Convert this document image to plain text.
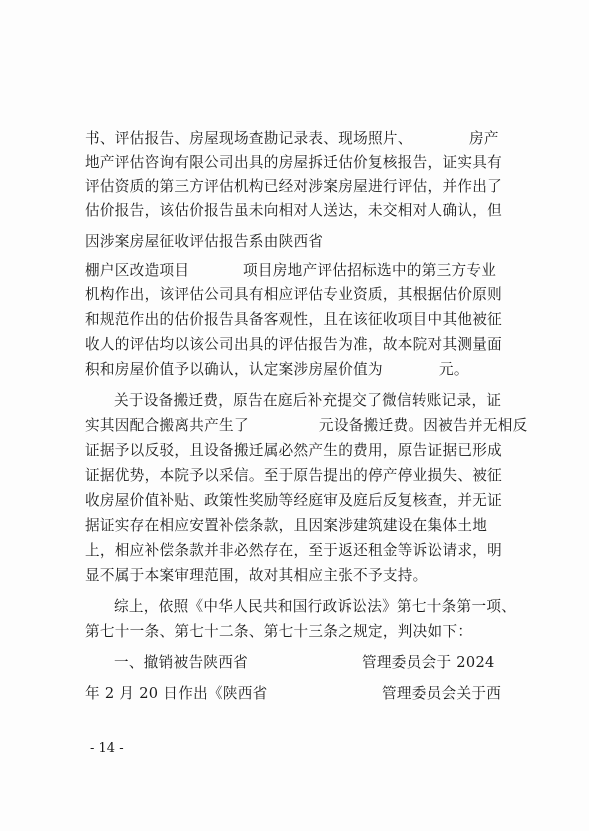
书、评估报告、房屋现场查勘记录表、现场照片、	房产
地产评估咨询有限公司出具的房屋拆迁估价复核报告，证实具有
评估资质的第三方评估机构已经对涉案房屋进行评估，并作出了
估价报告，该估价报告虽未向相对人送达，未交相对人确认，但
因涉案房屋征收评估报告系由陕西省
棚户区改造项目	项目房地产评估招标选中的第三方专业
机构作出，该评估公司具有相应评估专业资质，其根据估价原则
和规范作出的估价报告具备客观性，且在该征收项目中其他被征
收人的评估均以该公司出具的评估报告为准，故本院对其测量面
积和房屋价值予以确认，认定案涉房屋价值为	元。
关于设备搬迁费，原告在庭后补充提交了微信转账记录，证
实其因配合搬离共产生了	元设备搬迁费。因被告并无相反
证据予以反驳，且设备搬迁属必然产生的费用，原告证据已形成
证据优势，本院予以采信。至于原告提出的停产停业损失、被征
收房屋价值补贴、政策性奖励等经庭审及庭后反复核查，并无证
据证实存在相应安置补偿条款，且因案涉建筑建设在集体土地
上，相应补偿条款并非必然存在，至于返还租金等诉讼请求，明
显不属于本案审理范围，故对其相应主张不予支持。
综上，依照《中华人民共和国行政诉讼法》第七十条第一项、
第七十一条、第七十二条、第七十三条之规定，判决如下：
一、撤销被告陕西省	管理委员会于 2024
年 2 月 20 日作出《陕西省	管理委员会关于西
- 14 -
